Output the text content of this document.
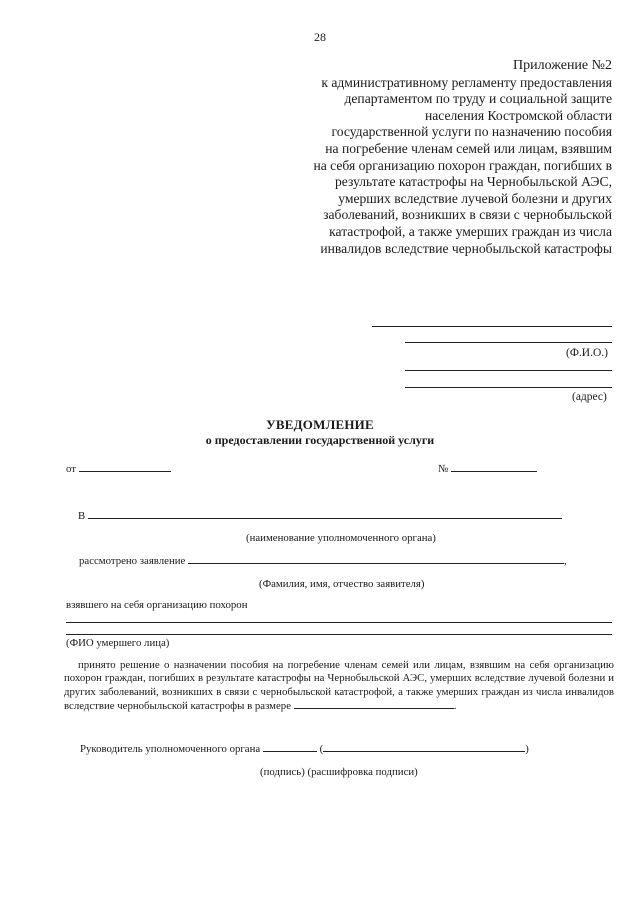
28
Приложение №2
к административному регламенту предоставления
департаментом по труду и социальной защите
населения Костромской области
государственной услуги по назначению пособия
на погребение членам семей или лицам, взявшим
на себя организацию похорон граждан, погибших в
результате катастрофы на Чернобыльской АЭС,
умерших вследствие лучевой болезни и других
заболеваний, возникших в связи с чернобыльской
катастрофой, а также умерших граждан из числа
инвалидов вследствие чернобыльской катастрофы
(Ф.И.О.)
(адрес)
УВЕДОМЛЕНИЕ
о предоставлении государственной услуги
от	№
В
(наименование уполномоченного органа)
рассмотрено заявление	,
(Фамилия, имя, отчество заявителя)
взявшего на себя организацию похорон
(ФИО умершего лица)
принято решение о назначении пособия на погребение членам семей или лицам, взявшим на себя организацию похорон граждан, погибших в результате катастрофы на Чернобыльской АЭС, умерших вследствие лучевой болезни и других заболеваний, возникших в связи с чернобыльской катастрофой, а также умерших граждан из числа инвалидов вследствие чернобыльской катастрофы в размере	.
Руководитель уполномоченного органа	(	)
(подпись) (расшифровка подписи)
